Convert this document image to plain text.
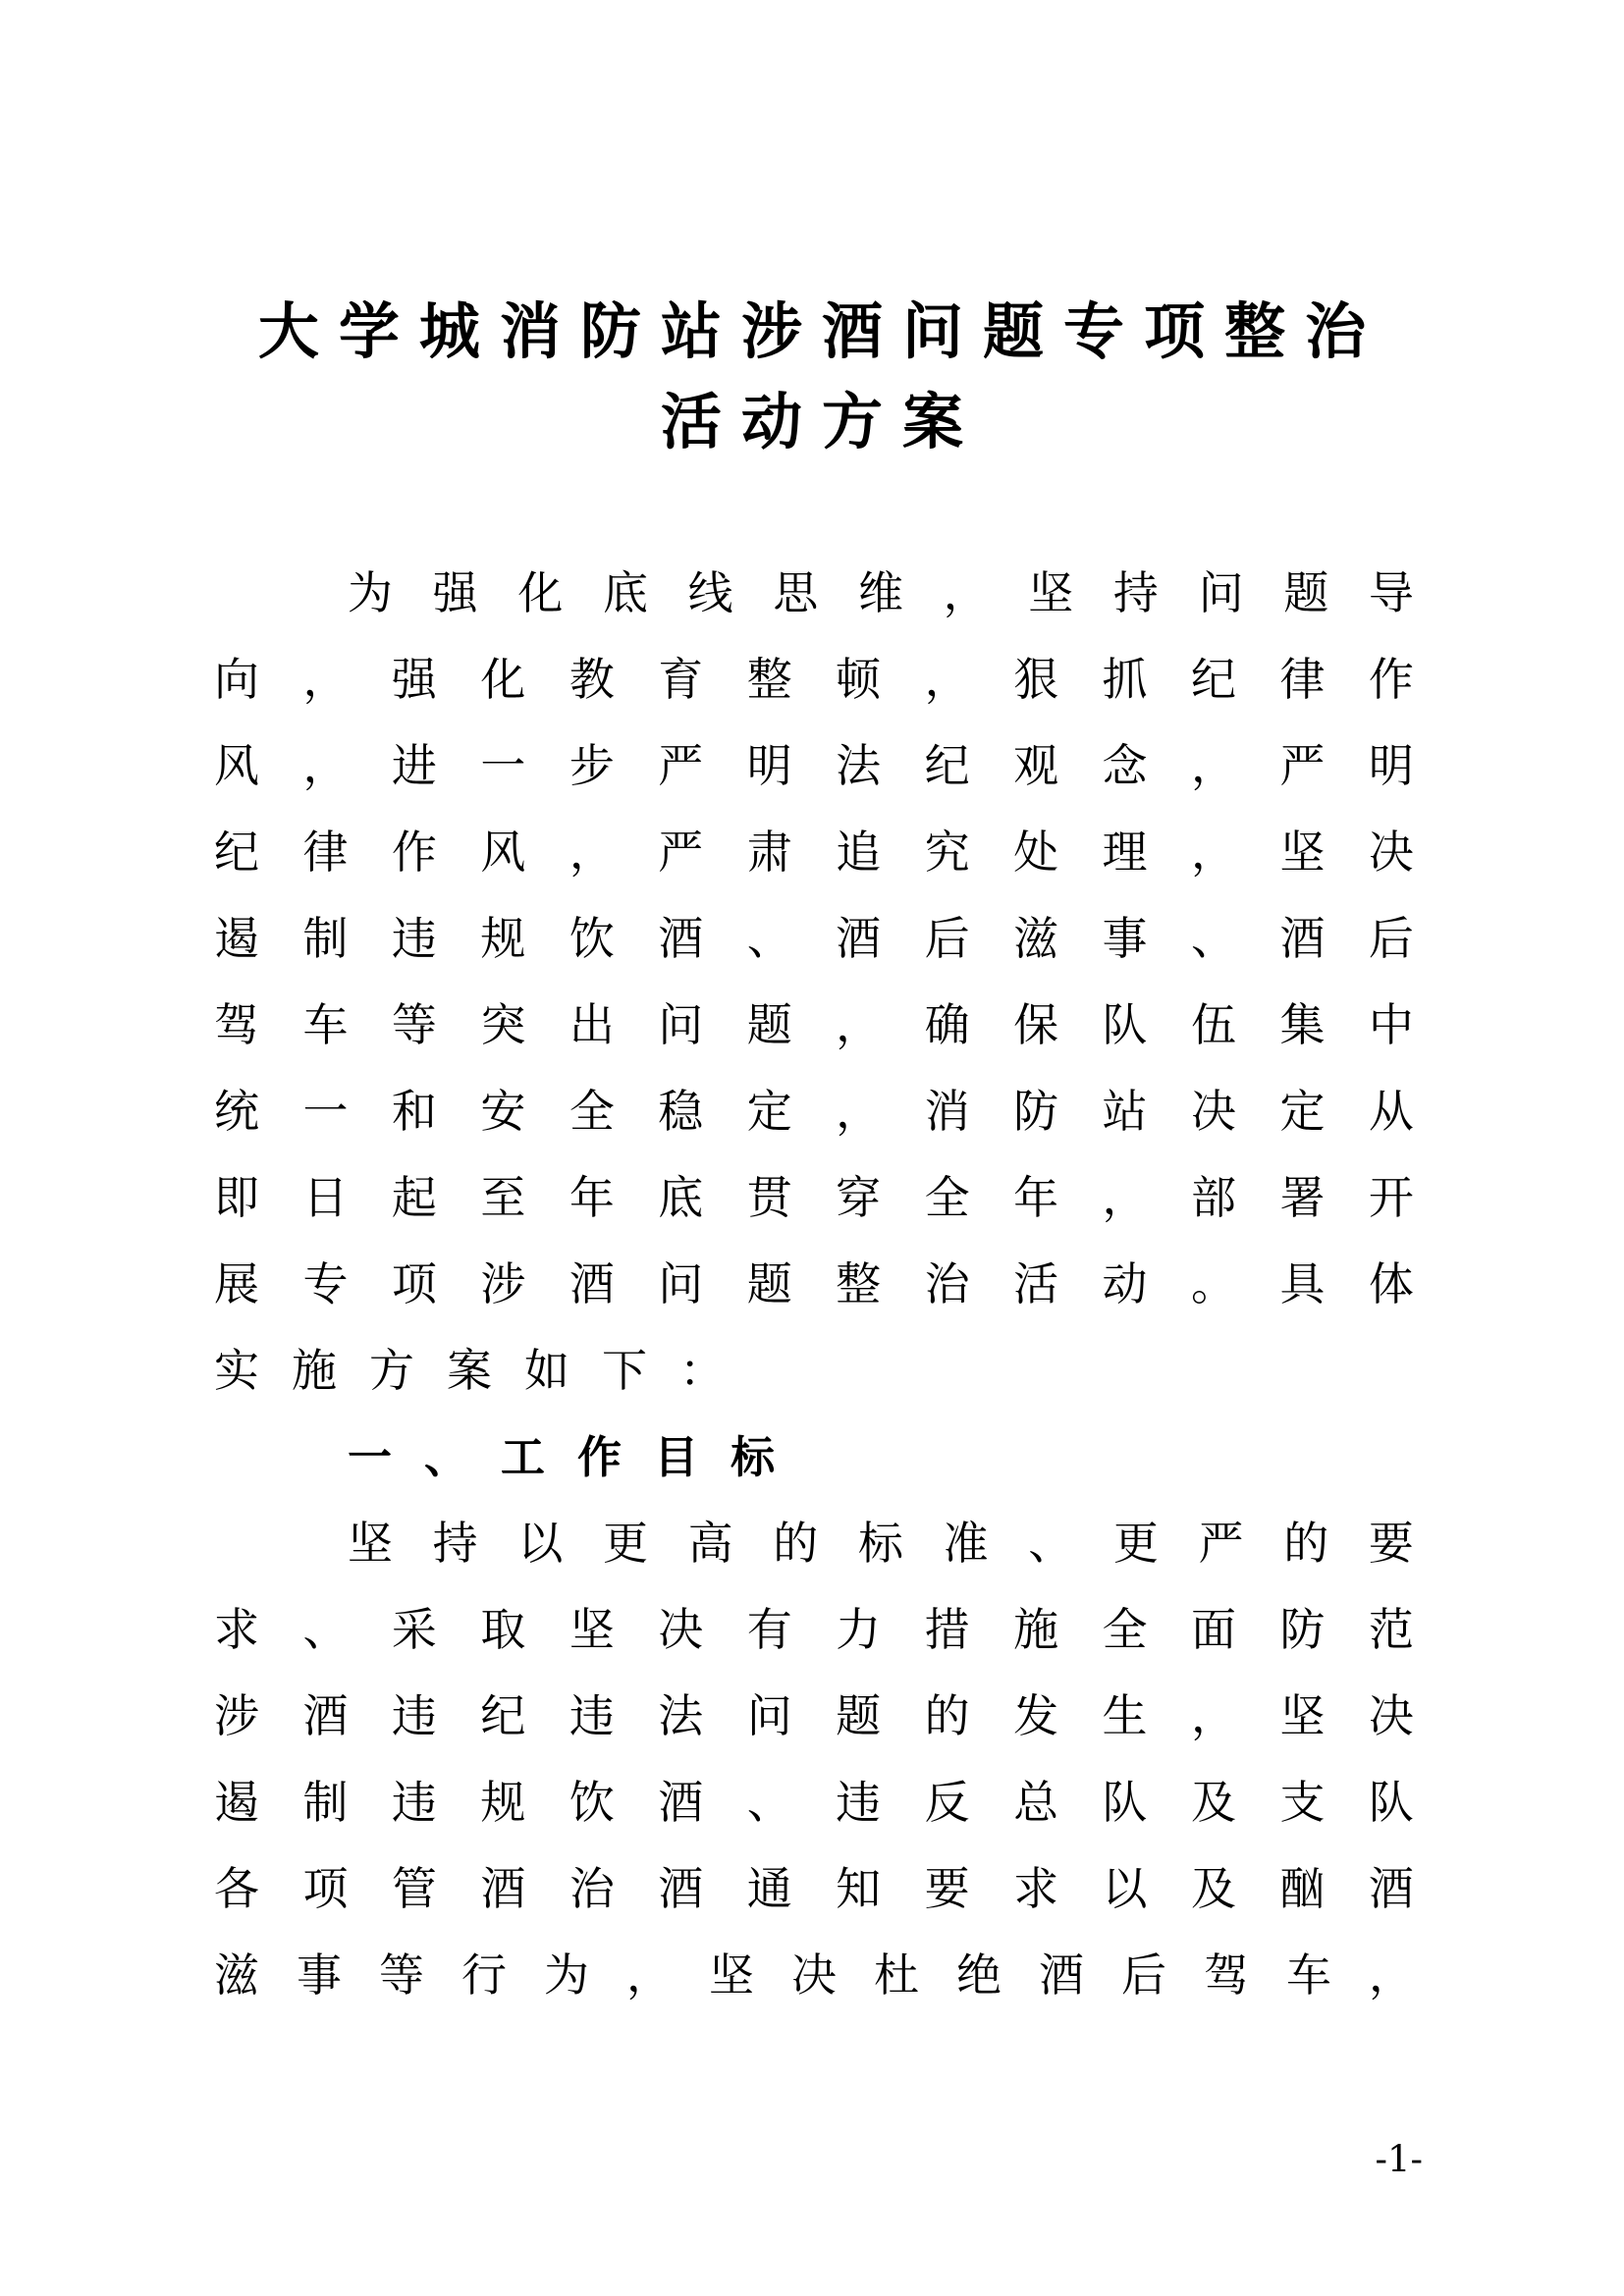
大 学 城 消 防 站 涉 酒 问 题 专 项 整 治
活 动 方 案
为 强 化 底 线 思 维 ， 坚 持 问 题 导
向 ， 强 化 教 育 整 顿 ， 狠 抓 纪 律 作
风 ， 进 一 步 严 明 法 纪 观 念 ， 严 明
纪 律 作 风 ， 严 肃 追 究 处 理 ， 坚 决
遏 制 违 规 饮 酒 、 酒 后 滋 事 、 酒 后
驾 车 等 突 出 问 题 ， 确 保 队 伍 集 中
统 一 和 安 全 稳 定 ， 消 防 站 决 定 从
即 日 起 至 年 底 贯 穿 全 年 ， 部 署 开
展 专 项 涉 酒 问 题 整 治 活 动 。 具 体
实 施 方 案 如 下 ：
一 、 工 作 目 标
坚 持 以 更 高 的 标 准 、 更 严 的 要
求 、 采 取 坚 决 有 力 措 施 全 面 防 范
涉 酒 违 纪 违 法 问 题 的 发 生 ， 坚 决
遏 制 违 规 饮 酒 、 违 反 总 队 及 支 队
各 项 管 酒 治 酒 通 知 要 求 以 及 酗 酒
滋 事 等 行 为 ， 坚 决 杜 绝 酒 后 驾 车 ，
-1-
